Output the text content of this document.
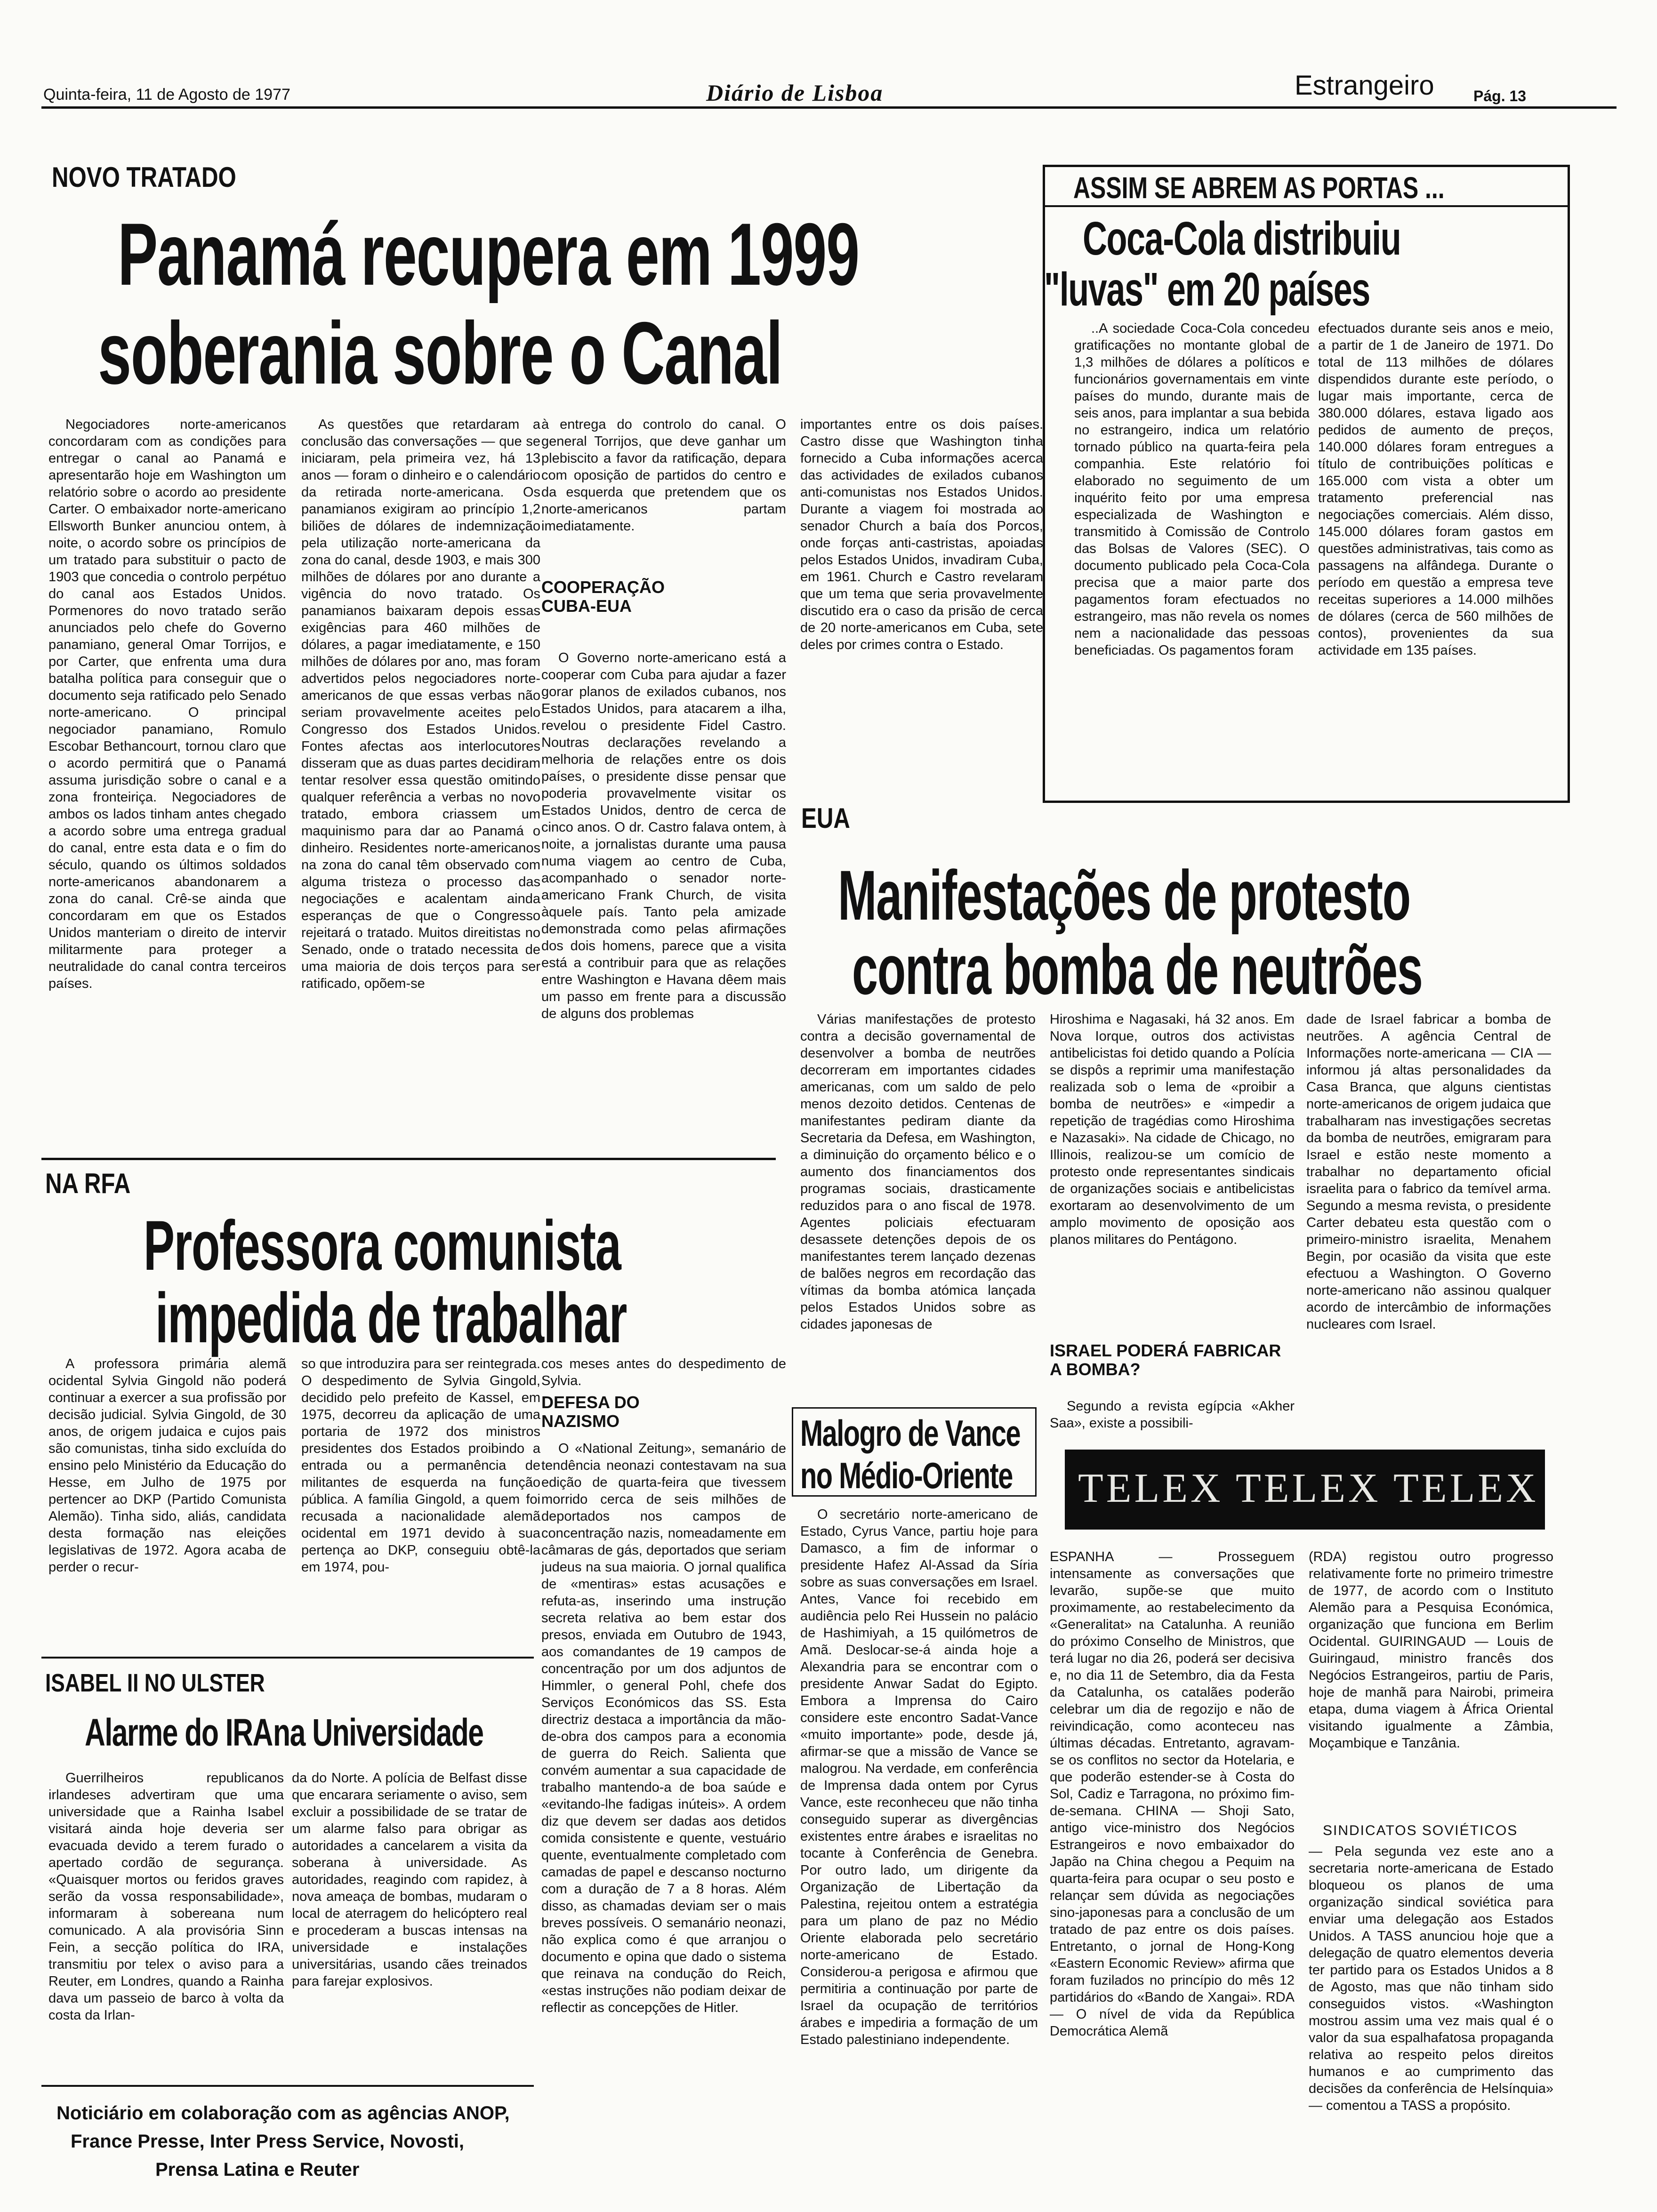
Quinta-feira, 11 de Agosto de 1977	Diário de Lisboa	Estrangeiro	Pág. 13
NOVO TRATADO
Panamá recupera em 1999
soberania sobre o Canal
Negociadores norte-americanos concordaram com as condições para entregar o canal ao Panamá e apresentarão hoje em Washington um relatório sobre o acordo ao presidente Carter. O embaixador norte-americano Ellsworth Bunker anunciou ontem, à noite, o acordo sobre os princípios de um tratado para substituir o pacto de 1903 que concedia o controlo perpétuo do canal aos Estados Unidos. Pormenores do novo tratado serão anunciados pelo chefe do Governo panamiano, general Omar Torrijos, e por Carter, que enfrenta uma dura batalha política para conseguir que o documento seja ratificado pelo Senado norte-americano. O principal negociador panamiano, Romulo Escobar Bethancourt, tornou claro que o acordo permitirá que o Panamá assuma jurisdição sobre o canal e a zona fronteiriça. Negociadores de ambos os lados tinham antes chegado a acordo sobre uma entrega gradual do canal, entre esta data e o fim do século, quando os últimos soldados norte-americanos abandonarem a zona do canal. Crê-se ainda que concordaram em que os Estados Unidos manteriam o direito de intervir militarmente para proteger a neutralidade do canal contra terceiros países.
As questões que retardaram a conclusão das conversações — que se iniciaram, pela primeira vez, há 13 anos — foram o dinheiro e o calendário da retirada norte-americana. Os panamianos exigiram ao princípio 1,2 biliões de dólares de indemnização pela utilização norte-americana da zona do canal, desde 1903, e mais 300 milhões de dólares por ano durante a vigência do novo tratado. Os panamianos baixaram depois essas exigências para 460 milhões de dólares, a pagar imediatamente, e 150 milhões de dólares por ano, mas foram advertidos pelos negociadores norte-americanos de que essas verbas não seriam provavelmente aceites pelo Congresso dos Estados Unidos. Fontes afectas aos interlocutores disseram que as duas partes decidiram tentar resolver essa questão omitindo qualquer referência a verbas no novo tratado, embora criassem um maquinismo para dar ao Panamá o dinheiro. Residentes norte-americanos na zona do canal têm observado com alguma tristeza o processo das negociações e acalentam ainda esperanças de que o Congresso rejeitará o tratado. Muitos direitistas no Senado, onde o tratado necessita de uma maioria de dois terços para ser ratificado, opõem-se
à entrega do controlo do canal. O general Torrijos, que deve ganhar um plebiscito a favor da ratificação, depara com oposição de partidos do centro e da esquerda que pretendem que os norte-americanos partam imediatamente.
COOPERAÇÃO CUBA-EUA
O Governo norte-americano está a cooperar com Cuba para ajudar a fazer gorar planos de exilados cubanos, nos Estados Unidos, para atacarem a ilha, revelou o presidente Fidel Castro. Noutras declarações revelando a melhoria de relações entre os dois países, o presidente disse pensar que poderia provavelmente visitar os Estados Unidos, dentro de cerca de cinco anos. O dr. Castro falava ontem, à noite, a jornalistas durante uma pausa numa viagem ao centro de Cuba, acompanhado o senador norte-americano Frank Church, de visita àquele país. Tanto pela amizade demonstrada como pelas afirmações dos dois homens, parece que a visita está a contribuir para que as relações entre Washington e Havana dêem mais um passo em frente para a discussão de alguns dos problemas
importantes entre os dois países. Castro disse que Washington tinha fornecido a Cuba informações acerca das actividades de exilados cubanos anti-comunistas nos Estados Unidos. Durante a viagem foi mostrada ao senador Church a baía dos Porcos, onde forças anti-castristas, apoiadas pelos Estados Unidos, invadiram Cuba, em 1961. Church e Castro revelaram que um tema que seria provavelmente discutido era o caso da prisão de cerca de 20 norte-americanos em Cuba, sete deles por crimes contra o Estado.
ASSIM SE ABREM AS PORTAS ...
Coca-Cola distribuiu
"luvas" em 20 países
..A sociedade Coca-Cola concedeu gratificações no montante global de 1,3 milhões de dólares a políticos e funcionários governamentais em vinte países do mundo, durante mais de seis anos, para implantar a sua bebida no estrangeiro, indica um relatório tornado público na quarta-feira pela companhia. Este relatório foi elaborado no seguimento de um inquérito feito por uma empresa especializada de Washington e transmitido à Comissão de Controlo das Bolsas de Valores (SEC). O documento publicado pela Coca-Cola precisa que a maior parte dos pagamentos foram efectuados no estrangeiro, mas não revela os nomes nem a nacionalidade das pessoas beneficiadas. Os pagamentos foram
efectuados durante seis anos e meio, a partir de 1 de Janeiro de 1971. Do total de 113 milhões de dólares dispendidos durante este período, o lugar mais importante, cerca de 380.000 dólares, estava ligado aos pedidos de aumento de preços, 140.000 dólares foram entregues a título de contribuições políticas e 165.000 com vista a obter um tratamento preferencial nas negociações comerciais. Além disso, 145.000 dólares foram gastos em questões administrativas, tais como as passagens na alfândega. Durante o período em questão a empresa teve receitas superiores a 14.000 milhões de dólares (cerca de 560 milhões de contos), provenientes da sua actividade em 135 países.
EUA
Manifestações de protesto
contra bomba de neutrões
Várias manifestações de protesto contra a decisão governamental de desenvolver a bomba de neutrões decorreram em importantes cidades americanas, com um saldo de pelo menos dezoito detidos. Centenas de manifestantes pediram diante da Secretaria da Defesa, em Washington, a diminuição do orçamento bélico e o aumento dos financiamentos dos programas sociais, drasticamente reduzidos para o ano fiscal de 1978. Agentes policiais efectuaram desassete detenções depois de os manifestantes terem lançado dezenas de balões negros em recordação das vítimas da bomba atómica lançada pelos Estados Unidos sobre as cidades japonesas de
Hiroshima e Nagasaki, há 32 anos. Em Nova Iorque, outros dos activistas antibelicistas foi detido quando a Polícia se dispôs a reprimir uma manifestação realizada sob o lema de «proibir a bomba de neutrões» e «impedir a repetição de tragédias como Hiroshima e Nazasaki». Na cidade de Chicago, no Illinois, realizou-se um comício de protesto onde representantes sindicais de organizações sociais e antibelicistas exortaram ao desenvolvimento de um amplo movimento de oposição aos planos militares do Pentágono.
ISRAEL PODERÁ FABRICAR A BOMBA?
Segundo a revista egípcia «Akher Saa», existe a possibili-
dade de Israel fabricar a bomba de neutrões. A agência Central de Informações norte-americana — CIA — informou já altas personalidades da Casa Branca, que alguns cientistas norte-americanos de origem judaica que trabalharam nas investigações secretas da bomba de neutrões, emigraram para Israel e estão neste momento a trabalhar no departamento oficial israelita para o fabrico da temível arma. Segundo a mesma revista, o presidente Carter debateu esta questão com o primeiro-ministro israelita, Menahem Begin, por ocasião da visita que este efectuou a Washington. O Governo norte-americano não assinou qualquer acordo de intercâmbio de informações nucleares com Israel.
NA RFA
Professora comunista
impedida de trabalhar
A professora primária alemã ocidental Sylvia Gingold não poderá continuar a exercer a sua profissão por decisão judicial. Sylvia Gingold, de 30 anos, de origem judaica e cujos pais são comunistas, tinha sido excluída do ensino pelo Ministério da Educação do Hesse, em Julho de 1975 por pertencer ao DKP (Partido Comunista Alemão). Tinha sido, aliás, candidata desta formação nas eleições legislativas de 1972. Agora acaba de perder o recur-
so que introduzira para ser reintegrada. O despedimento de Sylvia Gingold, decidido pelo prefeito de Kassel, em 1975, decorreu da aplicação de uma portaria de 1972 dos ministros presidentes dos Estados proibindo a entrada ou a permanência de militantes de esquerda na função pública. A família Gingold, a quem foi recusada a nacionalidade alemã ocidental em 1971 devido à sua pertença ao DKP, conseguiu obtê-la em 1974, pou-
cos meses antes do despedimento de Sylvia.
DEFESA DO NAZISMO
O «National Zeitung», semanário de tendência neonazi contestavam na sua edição de quarta-feira que tivessem morrido cerca de seis milhões de deportados nos campos de concentração nazis, nomeadamente em câmaras de gás, deportados que seriam judeus na sua maioria. O jornal qualifica de «mentiras» estas acusações e refuta-as, inserindo uma instrução secreta relativa ao bem estar dos presos, enviada em Outubro de 1943, aos comandantes de 19 campos de concentração por um dos adjuntos de Himmler, o general Pohl, chefe dos Serviços Económicos das SS. Esta directriz destaca a importância da mão-de-obra dos campos para a economia de guerra do Reich. Salienta que convém aumentar a sua capacidade de trabalho mantendo-a de boa saúde e «evitando-lhe fadigas inúteis». A ordem diz que devem ser dadas aos detidos comida consistente e quente, vestuário quente, eventualmente completado com camadas de papel e descanso nocturno com a duração de 7 a 8 horas. Além disso, as chamadas deviam ser o mais breves possíveis. O semanário neonazi, não explica como é que arranjou o documento e opina que dado o sistema que reinava na condução do Reich, «estas instruções não podiam deixar de reflectir as concepções de Hitler.
Malogro de Vance
no Médio-Oriente
O secretário norte-americano de Estado, Cyrus Vance, partiu hoje para Damasco, a fim de informar o presidente Hafez Al-Assad da Síria sobre as suas conversações em Israel. Antes, Vance foi recebido em audiência pelo Rei Hussein no palácio de Hashimiyah, a 15 quilómetros de Amã. Deslocar-se-á ainda hoje a Alexandria para se encontrar com o presidente Anwar Sadat do Egipto. Embora a Imprensa do Cairo considere este encontro Sadat-Vance «muito importante» pode, desde já, afirmar-se que a missão de Vance se malogrou. Na verdade, em conferência de Imprensa dada ontem por Cyrus Vance, este reconheceu que não tinha conseguido superar as divergências existentes entre árabes e israelitas no tocante à Conferência de Genebra. Por outro lado, um dirigente da Organização de Libertação da Palestina, rejeitou ontem a estratégia para um plano de paz no Médio Oriente elaborada pelo secretário norte-americano de Estado. Considerou-a perigosa e afirmou que permitiria a continuação por parte de Israel da ocupação de territórios árabes e impediria a formação de um Estado palestiniano independente.
TELEX TELEX TELEX
ESPANHA — Prosseguem intensamente as conversações que levarão, supõe-se que muito proximamente, ao restabelecimento da «Generalitat» na Catalunha. A reunião do próximo Conselho de Ministros, que terá lugar no dia 26, poderá ser decisiva e, no dia 11 de Setembro, dia da Festa da Catalunha, os catalães poderão celebrar um dia de regozijo e não de reivindicação, como aconteceu nas últimas décadas. Entretanto, agravam-se os conflitos no sector da Hotelaria, e que poderão estender-se à Costa do Sol, Cadiz e Tarragona, no próximo fim-de-semana. CHINA — Shoji Sato, antigo vice-ministro dos Negócios Estrangeiros e novo embaixador do Japão na China chegou a Pequim na quarta-feira para ocupar o seu posto e relançar sem dúvida as negociações sino-japonesas para a conclusão de um tratado de paz entre os dois países. Entretanto, o jornal de Hong-Kong «Eastern Economic Review» afirma que foram fuzilados no princípio do mês 12 partidários do «Bando de Xangai». RDA — O nível de vida da República Democrática Alemã
(RDA) registou outro progresso relativamente forte no primeiro trimestre de 1977, de acordo com o Instituto Alemão para a Pesquisa Económica, organização que funciona em Berlim Ocidental. GUIRINGAUD — Louis de Guiringaud, ministro francês dos Negócios Estrangeiros, partiu de Paris, hoje de manhã para Nairobi, primeira etapa, duma viagem à África Oriental visitando igualmente a Zâmbia, Moçambique e Tanzânia.
SINDICATOS SOVIÉTICOS
— Pela segunda vez este ano a secretaria norte-americana de Estado bloqueou os planos de uma organização sindical soviética para enviar uma delegação aos Estados Unidos. A TASS anunciou hoje que a delegação de quatro elementos deveria ter partido para os Estados Unidos a 8 de Agosto, mas que não tinham sido conseguidos vistos. «Washington mostrou assim uma vez mais qual é o valor da sua espalhafatosa propaganda relativa ao respeito pelos direitos humanos e ao cumprimento das decisões da conferência de Helsínquia» — comentou a TASS a propósito.
ISABEL II NO ULSTER
Alarme do IRA na Universidade
Guerrilheiros republicanos irlandeses advertiram que uma universidade que a Rainha Isabel visitará ainda hoje deveria ser evacuada devido a terem furado o apertado cordão de segurança. «Quaisquer mortos ou feridos graves serão da vossa responsabilidade», informaram à sobereana num comunicado. A ala provisória Sinn Fein, a secção política do IRA, transmitiu por telex o aviso para a Reuter, em Londres, quando a Rainha dava um passeio de barco à volta da costa da Irlan-
da do Norte. A polícia de Belfast disse que encarara seriamente o aviso, sem excluir a possibilidade de se tratar de um alarme falso para obrigar as autoridades a cancelarem a visita da soberana à universidade. As autoridades, reagindo com rapidez, à nova ameaça de bombas, mudaram o local de aterragem do helicóptero real e procederam a buscas intensas na universidade e instalações universitárias, usando cães treinados para farejar explosivos.
Noticiário em colaboração com as agências ANOP,
France Presse, Inter Press Service, Novosti,
Prensa Latina e Reuter
